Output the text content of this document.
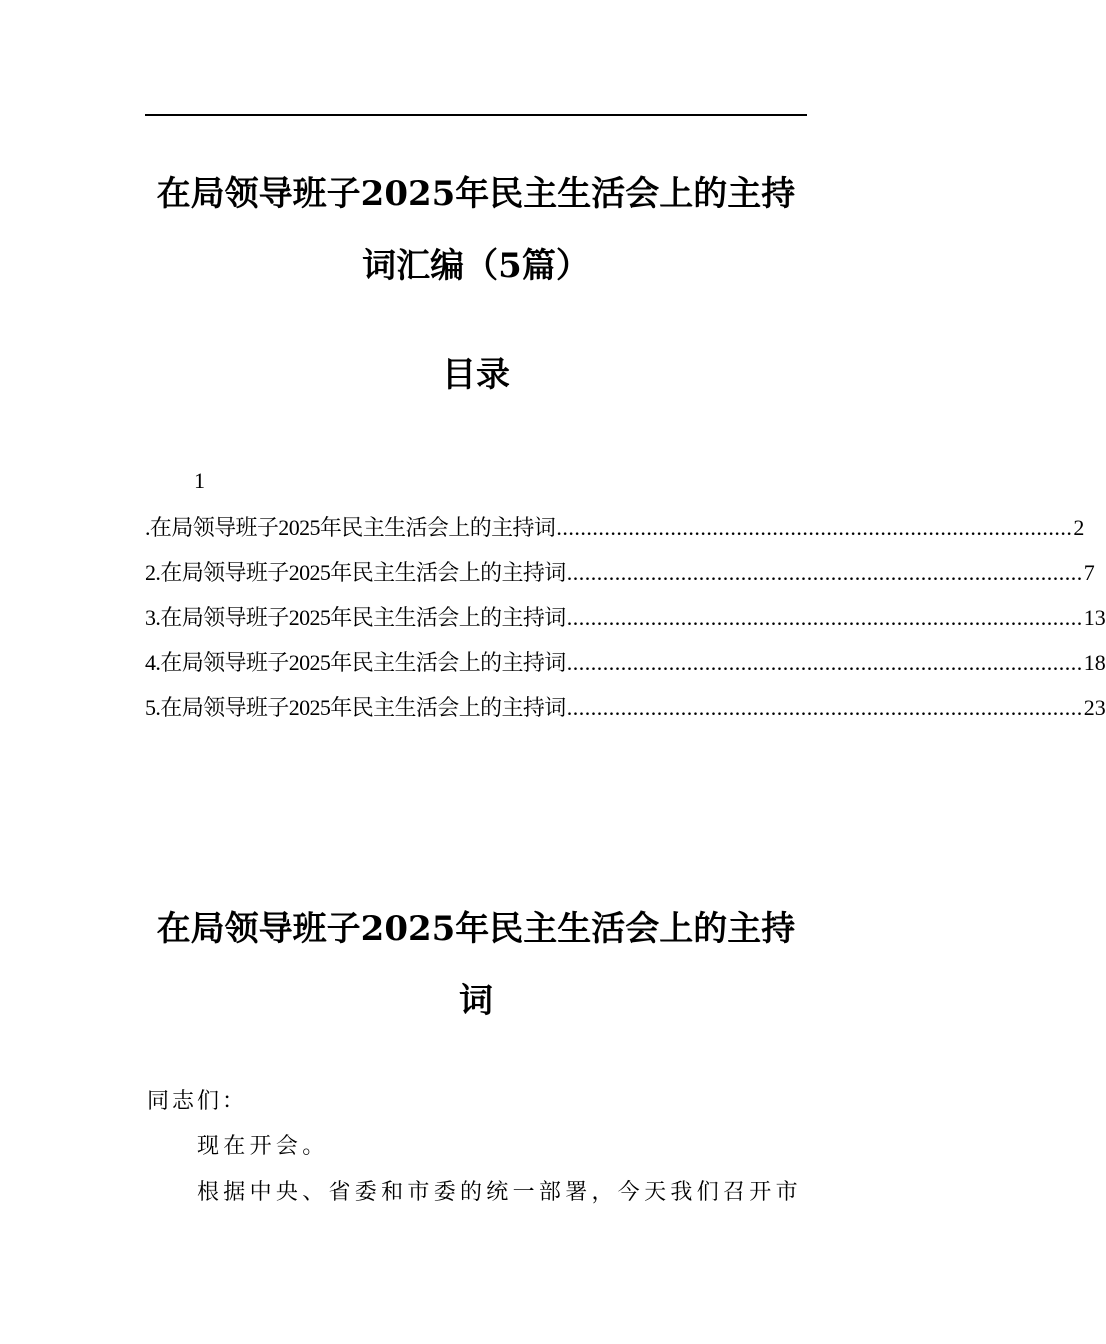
在局领导班子2025年民主生活会上的主持
词汇编（5篇）
目录
1
.在局领导班子2025年民主生活会上的主持词 ...................................................................................... 2
2.在局领导班子2025年民主生活会上的主持词 ...................................................................................... 7
3.在局领导班子2025年民主生活会上的主持词 ...................................................................................... 13
4.在局领导班子2025年民主生活会上的主持词 ...................................................................................... 18
5.在局领导班子2025年民主生活会上的主持词 ...................................................................................... 23
在局领导班子2025年民主生活会上的主持
词
同志们：

现在开会。

根据中央、省委和市委的统一部署，今天我们召开市
